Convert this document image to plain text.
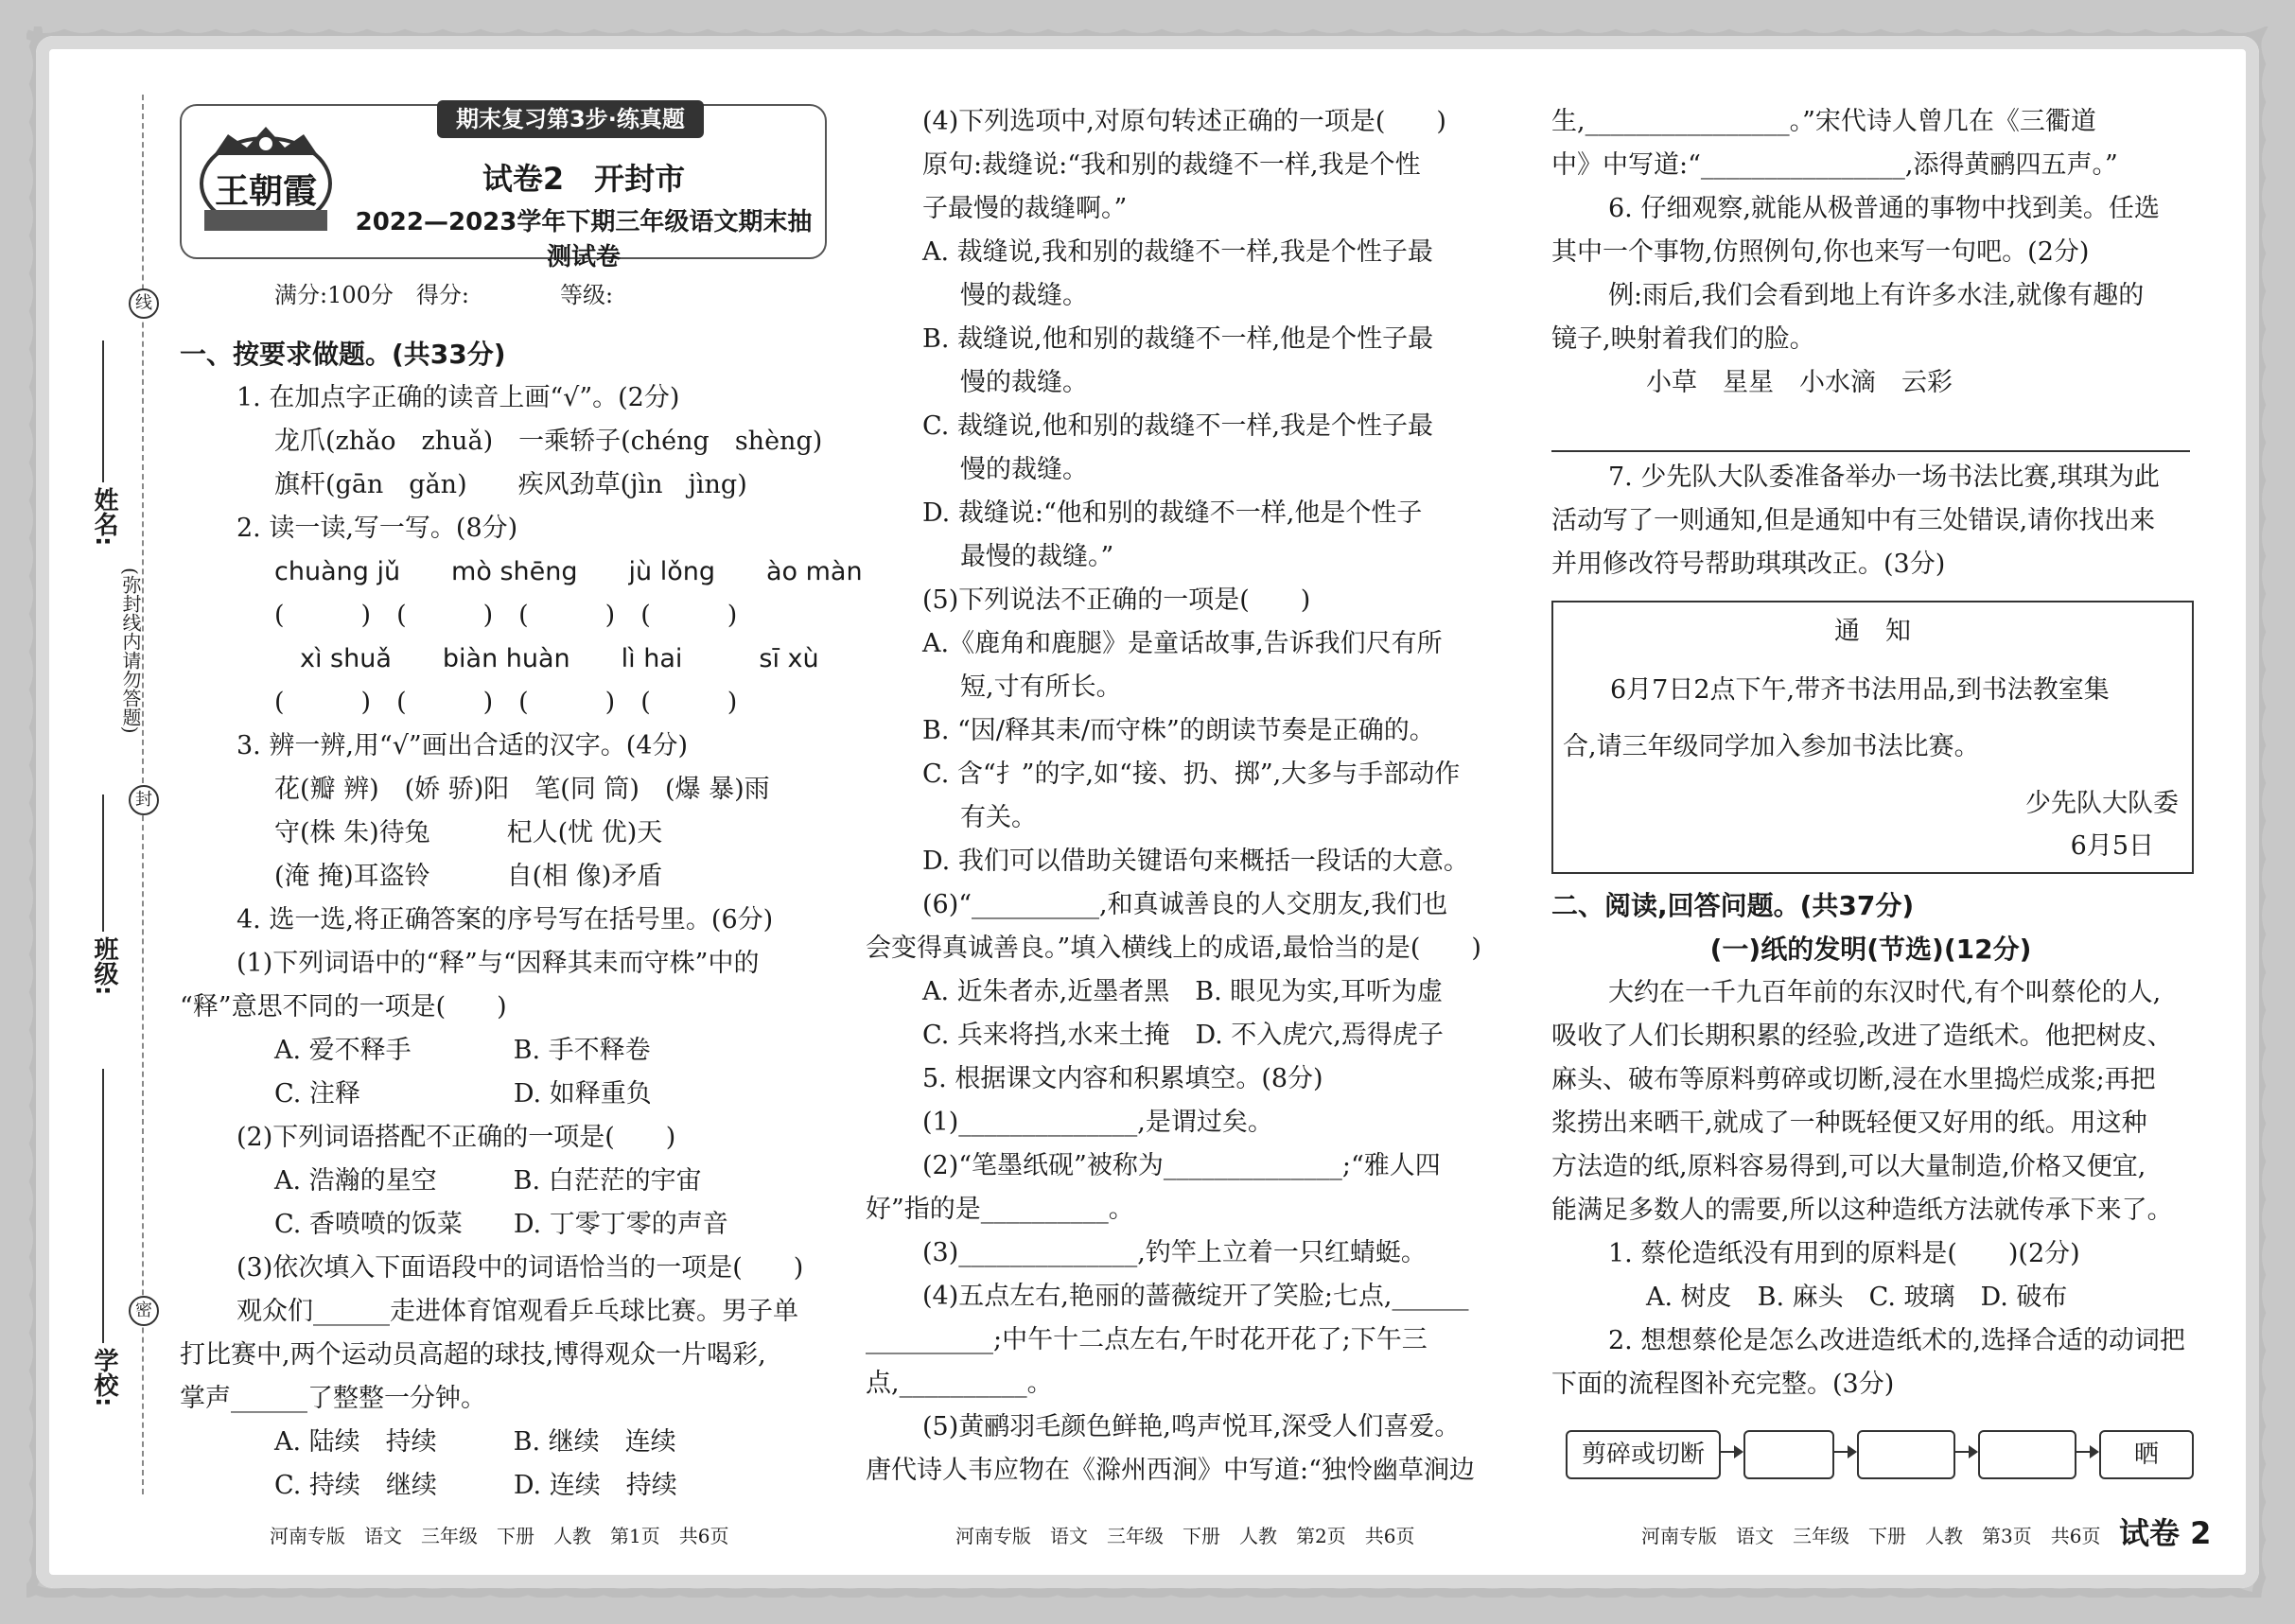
线
封
密
(弥封线内请勿答题)
姓名:
班级:
学校:
王朝霞
期末复习第3步·练真题
试卷2　开封市
2022—2023学年下期三年级语文期末抽测试卷
满分:100分　得分:　　　　等级:
一、按要求做题。(共33分)
1. 在加点字正确的读音上画“√”。(2分)
龙爪(zhǎo　zhuǎ)　一乘轿子(chéng　shèng)
旗杆(gān　gǎn)　　疾风劲草(jìn　jìng)
2. 读一读,写一写。(8分)
chuàng jǔ　　mò shēng　　jù lǒng　　ào màn
(　　　)　(　　　)　(　　　)　(　　　)
　xì shuǎ　　biàn huàn　　lì hai　　　sī xù
(　　　)　(　　　)　(　　　)　(　　　)
3. 辨一辨,用“√”画出合适的汉字。(4分)
花(瓣 辨)　(娇 骄)阳　笔(同 筒)　(爆 暴)雨
守(株 朱)待兔　　　杞人(忧 优)天
(淹 掩)耳盗铃　　　自(相 像)矛盾
4. 选一选,将正确答案的序号写在括号里。(6分)
(1)下列词语中的“释”与“因释其耒而守株”中的
“释”意思不同的一项是(　　)
A. 爱不释手　　　　B. 手不释卷
C. 注释　　　　　　D. 如释重负
(2)下列词语搭配不正确的一项是(　　)
A. 浩瀚的星空　　　B. 白茫茫的宇宙
C. 香喷喷的饭菜　　D. 丁零丁零的声音
(3)依次填入下面语段中的词语恰当的一项是(　　)
观众们______走进体育馆观看乒乓球比赛。男子单
打比赛中,两个运动员高超的球技,博得观众一片喝彩,
掌声______了整整一分钟。
A. 陆续　持续　　　B. 继续　连续
C. 持续　继续　　　D. 连续　持续
(4)下列选项中,对原句转述正确的一项是(　　)
原句:裁缝说:“我和别的裁缝不一样,我是个性
子最慢的裁缝啊。”
A. 裁缝说,我和别的裁缝不一样,我是个性子最
慢的裁缝。
B. 裁缝说,他和别的裁缝不一样,他是个性子最
慢的裁缝。
C. 裁缝说,他和别的裁缝不一样,我是个性子最
慢的裁缝。
D. 裁缝说:“他和别的裁缝不一样,他是个性子
最慢的裁缝。”
(5)下列说法不正确的一项是(　　)
A.《鹿角和鹿腿》是童话故事,告诉我们尺有所
短,寸有所长。
B. “因/释其耒/而守株”的朗读节奏是正确的。
C. 含“扌”的字,如“接、扔、掷”,大多与手部动作
有关。
D. 我们可以借助关键语句来概括一段话的大意。
(6)“__________,和真诚善良的人交朋友,我们也
会变得真诚善良。”填入横线上的成语,最恰当的是(　　)
A. 近朱者赤,近墨者黑　B. 眼见为实,耳听为虚
C. 兵来将挡,水来土掩　D. 不入虎穴,焉得虎子
5. 根据课文内容和积累填空。(8分)
(1)______________,是谓过矣。
(2)“笔墨纸砚”被称为______________;“雅人四
好”指的是__________。
(3)______________,钓竿上立着一只红蜻蜓。
(4)五点左右,艳丽的蔷薇绽开了笑脸;七点,______
__________;中午十二点左右,午时花开花了;下午三
点,__________。
(5)黄鹂羽毛颜色鲜艳,鸣声悦耳,深受人们喜爱。
唐代诗人韦应物在《滁州西涧》中写道:“独怜幽草涧边
生,________________。”宋代诗人曾几在《三衢道
中》中写道:“________________,添得黄鹂四五声。”
6. 仔细观察,就能从极普通的事物中找到美。任选
其中一个事物,仿照例句,你也来写一句吧。(2分)
例:雨后,我们会看到地上有许多水洼,就像有趣的
镜子,映射着我们的脸。
小草　星星　小水滴　云彩
7. 少先队大队委准备举办一场书法比赛,琪琪为此
活动写了一则通知,但是通知中有三处错误,请你找出来
并用修改符号帮助琪琪改正。(3分)
通　知
6月7日2点下午,带齐书法用品,到书法教室集
合,请三年级同学加入参加书法比赛。
少先队大队委
6月5日
二、阅读,回答问题。(共37分)
(一)纸的发明(节选)(12分)
大约在一千九百年前的东汉时代,有个叫蔡伦的人,
吸收了人们长期积累的经验,改进了造纸术。他把树皮、
麻头、破布等原料剪碎或切断,浸在水里捣烂成浆;再把
浆捞出来晒干,就成了一种既轻便又好用的纸。用这种
方法造的纸,原料容易得到,可以大量制造,价格又便宜,
能满足多数人的需要,所以这种造纸方法就传承下来了。
1. 蔡伦造纸没有用到的原料是(　　)(2分)
A. 树皮　B. 麻头　C. 玻璃　D. 破布
2. 想想蔡伦是怎么改进造纸术的,选择合适的动词把
下面的流程图补充完整。(3分)
剪碎或切断	晒
河南专版　语文　三年级　下册　人教　第1页　共6页	河南专版　语文　三年级　下册　人教　第2页　共6页	河南专版　语文　三年级　下册　人教　第3页　共6页 试卷 2
